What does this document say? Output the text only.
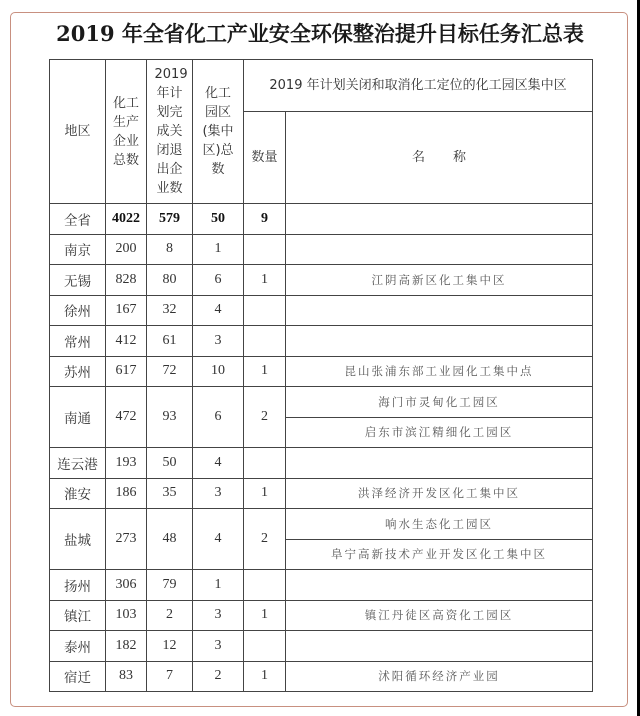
2019 年全省化工产业安全环保整治提升目标任务汇总表
地区	化工生产企业总数	2019年计划完成关闭退出企业数	化工园区(集中区)总数	2019 年计划关闭和取消化工定位的化工园区集中区	
				数量	名称
全省	4022	579	50	9	
南京	200	8	1		
无锡	828	80	6	1	江阴高新区化工集中区
徐州	167	32	4		
常州	412	61	3		
苏州	617	72	10	1	昆山张浦东部工业园化工集中点
南通	472	93	6	2	海门市灵甸化工园区
					启东市滨江精细化工园区
连云港	193	50	4		
淮安	186	35	3	1	洪泽经济开发区化工集中区
盐城	273	48	4	2	响水生态化工园区
					阜宁高新技术产业开发区化工集中区
扬州	306	79	1		
镇江	103	2	3	1	镇江丹徒区高资化工园区
泰州	182	12	3		
宿迁	83	7	2	1	沭阳循环经济产业园
